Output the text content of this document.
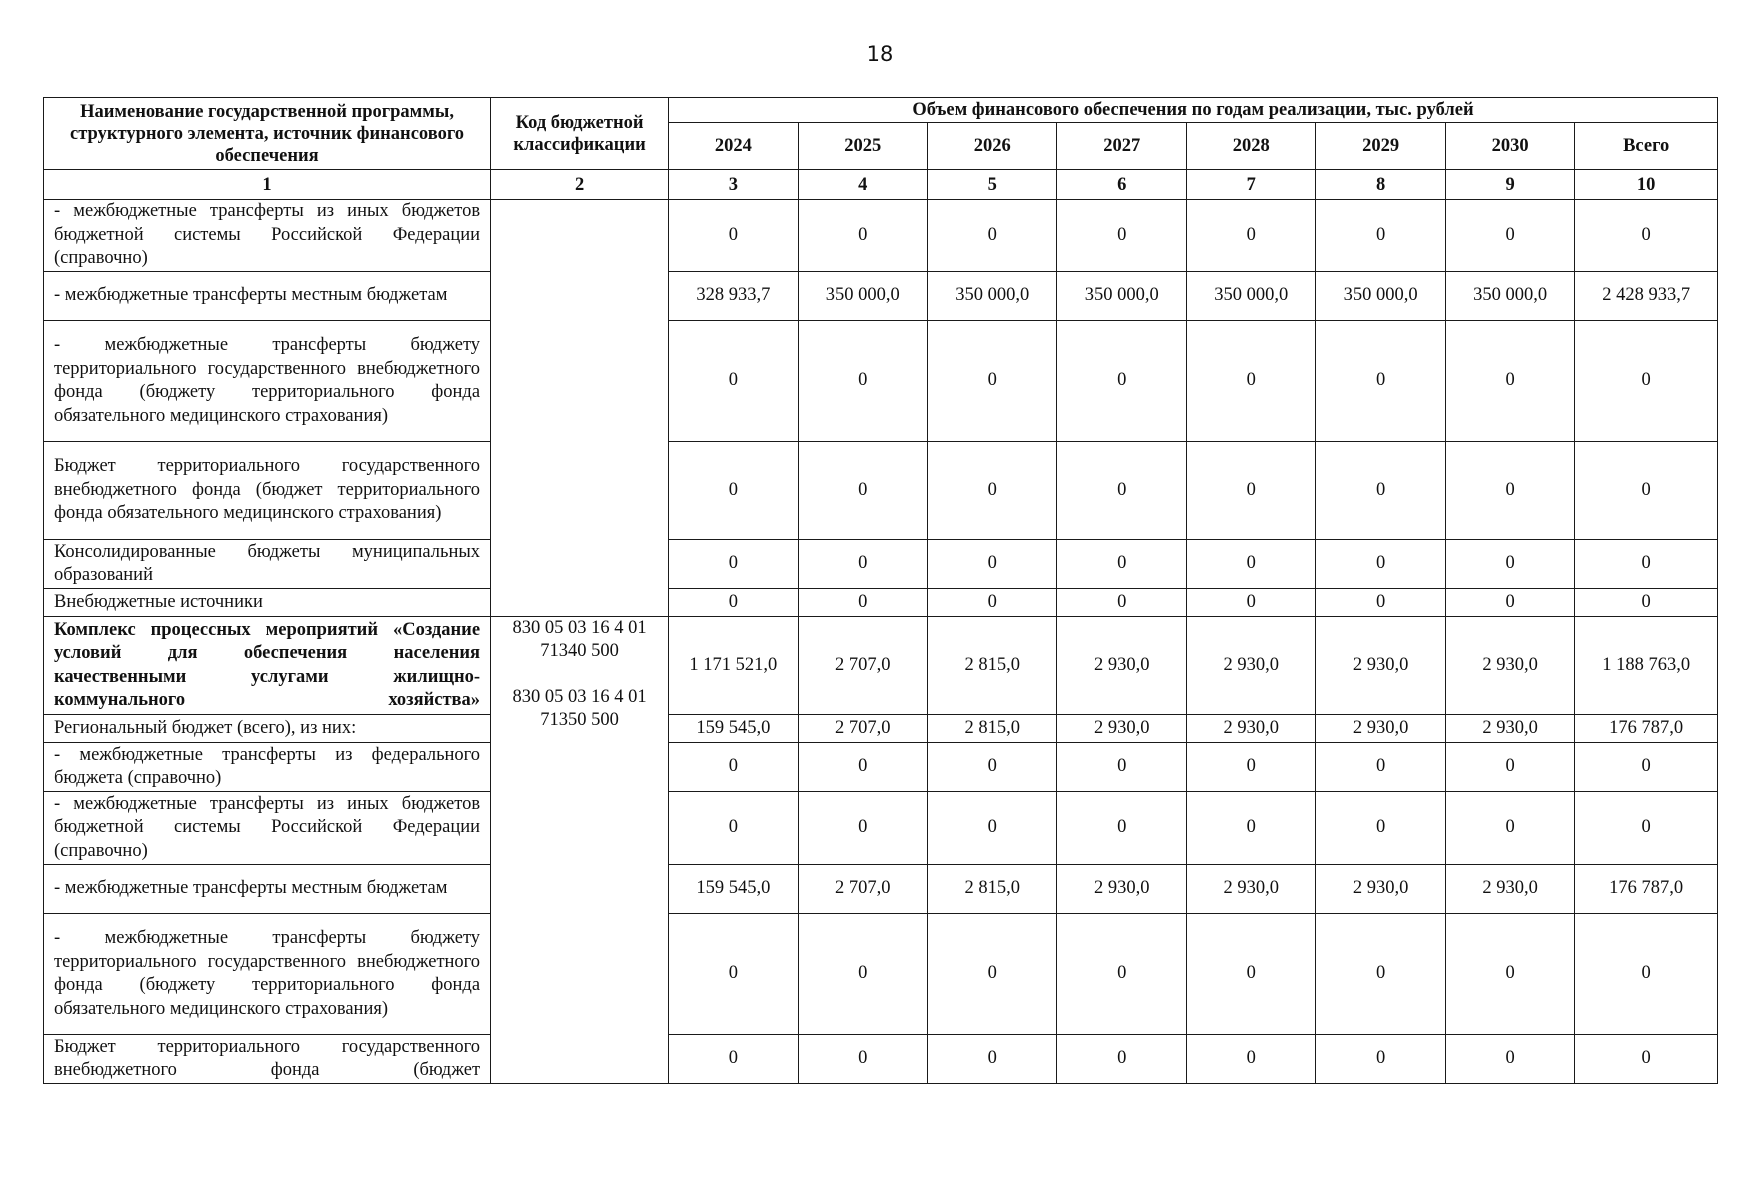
18
Наименование государственной программы, структурного элемента, источник финансового обеспечения	Код бюджетной классификации	Объем финансового обеспечения по годам реализации, тыс. рублей							
		2024	2025	2026	2027	2028	2029	2030	Всего
1	2	3	4	5	6	7	8	9	10
- межбюджетные трансферты из иных бюджетов бюджетной системы Российской Федерации (справочно)		0	0	0	0	0	0	0	0
- межбюджетные трансферты местным бюджетам		328 933,7	350 000,0	350 000,0	350 000,0	350 000,0	350 000,0	350 000,0	2 428 933,7
- межбюджетные трансферты бюджету территориального государственного внебюджетного фонда (бюджету территориального фонда обязательного медицинского страхования)		0	0	0	0	0	0	0	0
Бюджет территориального государственного внебюджетного фонда (бюджет территориального фонда обязательного медицинского страхования)		0	0	0	0	0	0	0	0
Консолидированные бюджеты муниципальных образований		0	0	0	0	0	0	0	0
Внебюджетные источники		0	0	0	0	0	0	0	0
Комплекс процессных мероприятий «Создание условий для обеспечения населения качественными услугами жилищно-коммунального хозяйства»	830 05 03 16 4 01
71340 500
830 05 03 16 4 01
71350 500	1 171 521,0	2 707,0	2 815,0	2 930,0	2 930,0	2 930,0	2 930,0	1 188 763,0
Региональный бюджет (всего), из них:		159 545,0	2 707,0	2 815,0	2 930,0	2 930,0	2 930,0	2 930,0	176 787,0
- межбюджетные трансферты из федерального бюджета (справочно)		0	0	0	0	0	0	0	0
- межбюджетные трансферты из иных бюджетов бюджетной системы Российской Федерации (справочно)		0	0	0	0	0	0	0	0
- межбюджетные трансферты местным бюджетам		159 545,0	2 707,0	2 815,0	2 930,0	2 930,0	2 930,0	2 930,0	176 787,0
- межбюджетные трансферты бюджету территориального государственного внебюджетного фонда (бюджету территориального фонда обязательного медицинского страхования)		0	0	0	0	0	0	0	0
Бюджет территориального государственного внебюджетного фонда (бюджет		0	0	0	0	0	0	0	0
